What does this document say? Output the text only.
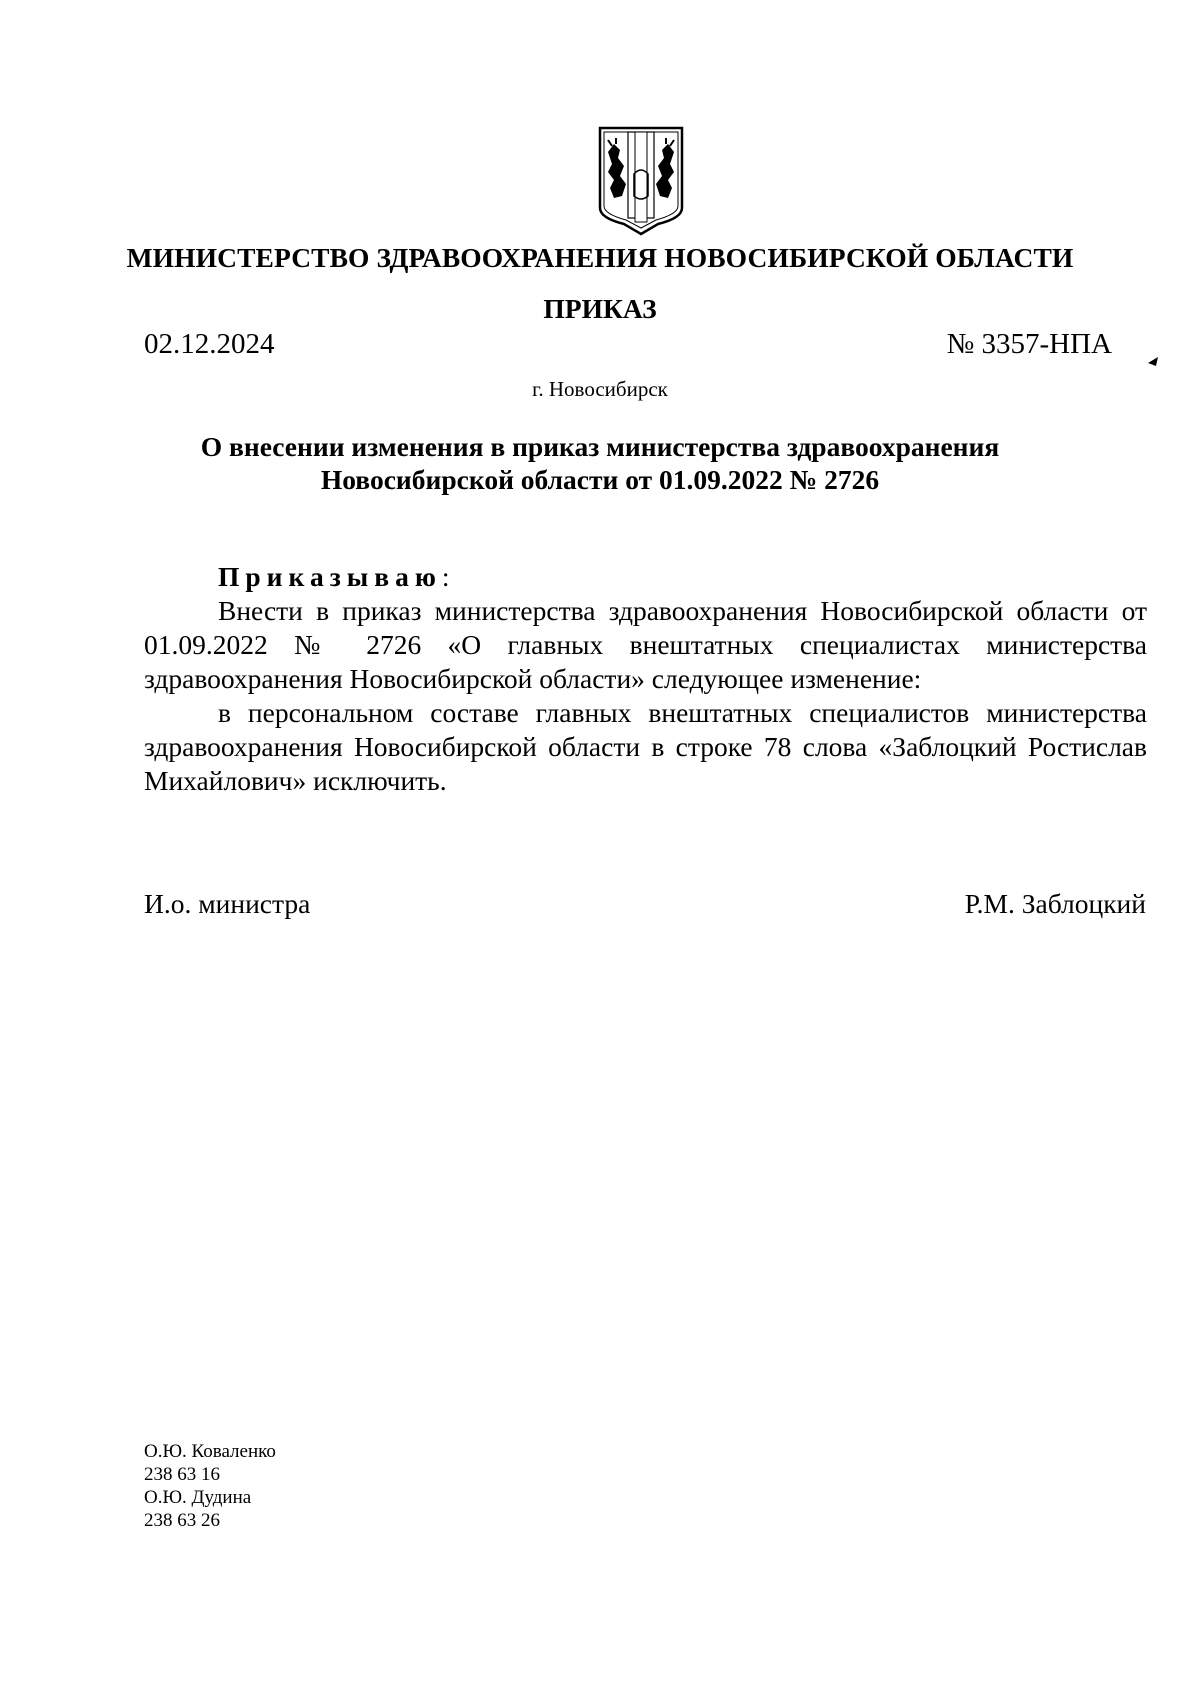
МИНИСТЕРСТВО ЗДРАВООХРАНЕНИЯ НОВОСИБИРСКОЙ ОБЛАСТИ
ПРИКАЗ
02.12.2024	№ 3357-НПА
г. Новосибирск
О внесении изменения в приказ министерства здравоохранения
Новосибирской области от 01.09.2022 № 2726

Приказываю:

Внести в приказ министерства здравоохранения Новосибирской области от 01.09.2022 № 2726 «О главных внештатных специалистах министерства здравоохранения Новосибирской области» следующее изменение:

в персональном составе главных внештатных специалистов министерства здравоохранения Новосибирской области в строке 78 слова «Заблоцкий Ростислав Михайлович» исключить.

И.о. министра	Р.М. Заблоцкий
О.Ю. Коваленко
238 63 16
О.Ю. Дудина
238 63 26
